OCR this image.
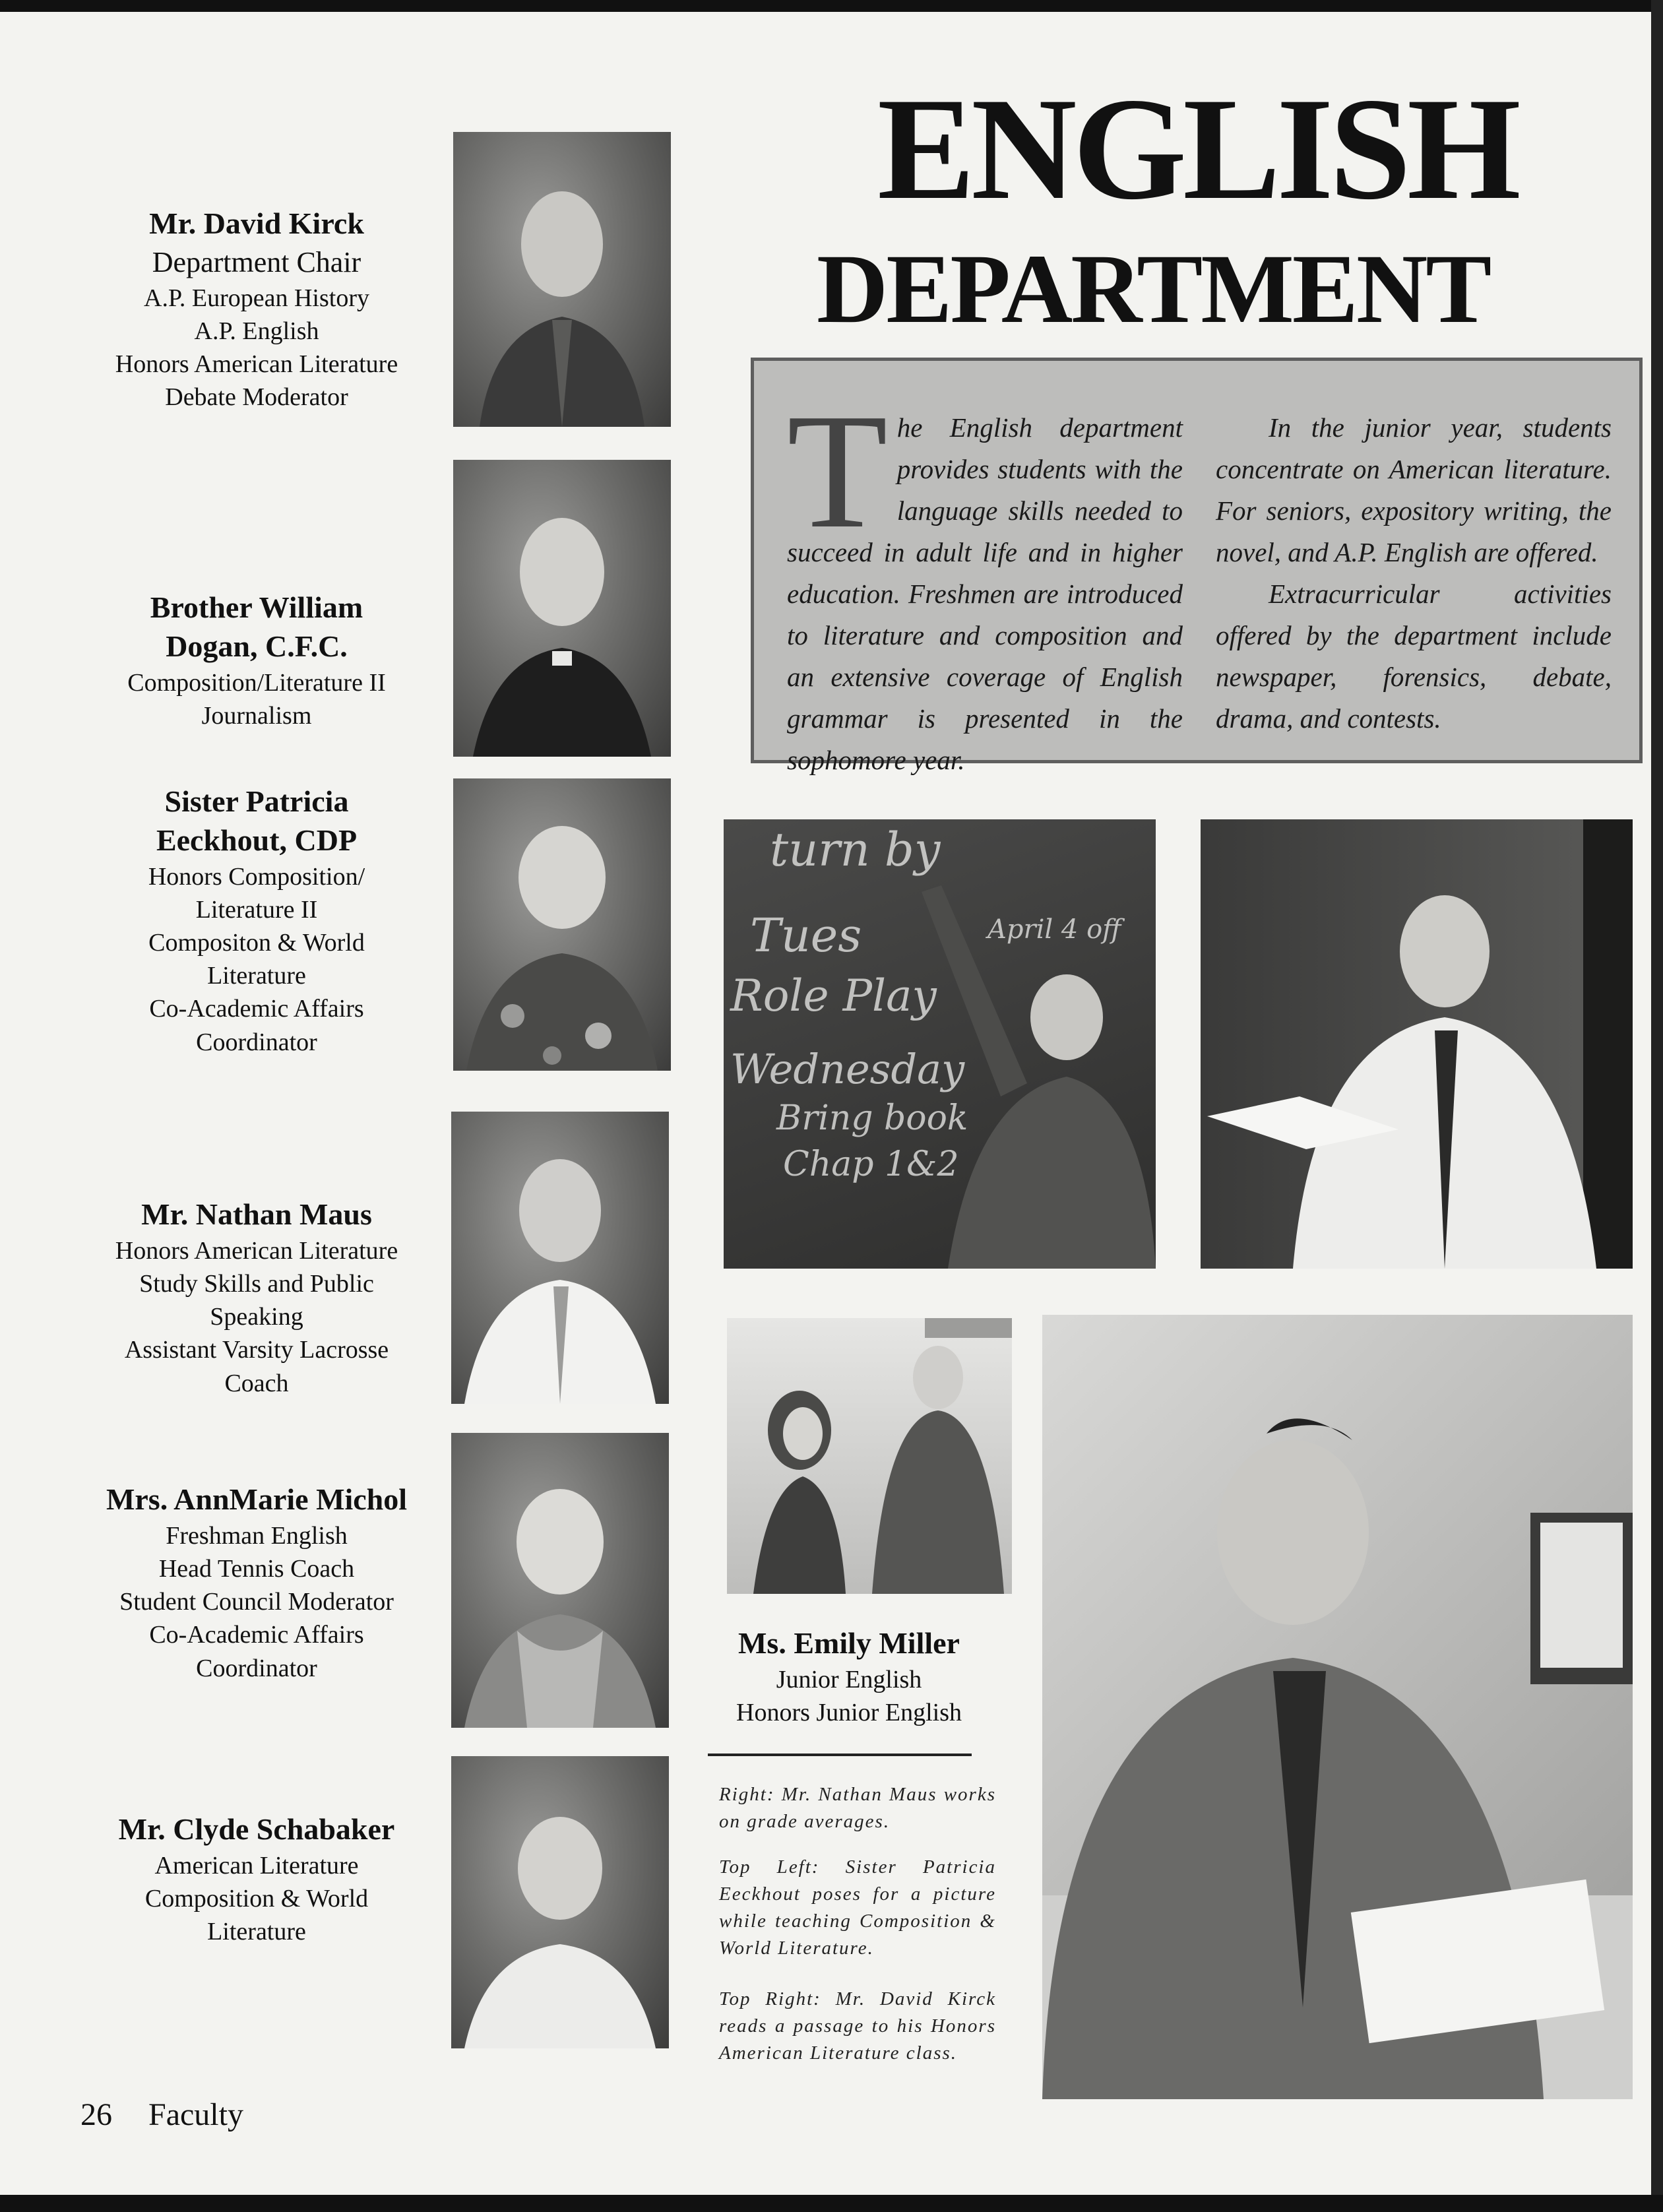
ENGLISH
DEPARTMENT
Mr. David Kirck
Department Chair
A.P. European History
A.P. English
Honors American Literature
Debate Moderator
Brother William Dogan, C.F.C.
Composition/Literature II
Journalism
Sister Patricia Eeckhout, CDP
Honors Composition/ Literature II
Compositon & World Literature
Co-Academic Affairs Coordinator
Mr. Nathan Maus
Honors American Literature
Study Skills and Public Speaking
Assistant Varsity Lacrosse Coach
Mrs. AnnMarie Michol
Freshman English
Head Tennis Coach
Student Council Moderator
Co-Academic Affairs Coordinator
Mr. Clyde Schabaker
American Literature
Composition & World Literature
T he English department provides students with the language skills needed to succeed in adult life and in higher education. Freshmen are introduced to literature and composition and an extensive coverage of English grammar is presented in the sophomore year.

In the junior year, students concentrate on American literature. For seniors, expository writing, the novel, and A.P. English are offered.

Extracurricular activities offered by the department include newspaper, forensics, debate, drama, and contests.

turn by
Tues
Role Play
Wednesday
Bring book
Chap 1&2
April 4 off
Ms. Emily Miller
Junior English
Honors Junior English
Right: Mr. Nathan Maus works on grade averages.
Top Left: Sister Patricia Eeckhout poses for a picture while teaching Composition & World Literature.
Top Right: Mr. David Kirck reads a passage to his Honors American Literature class.
26 Faculty
